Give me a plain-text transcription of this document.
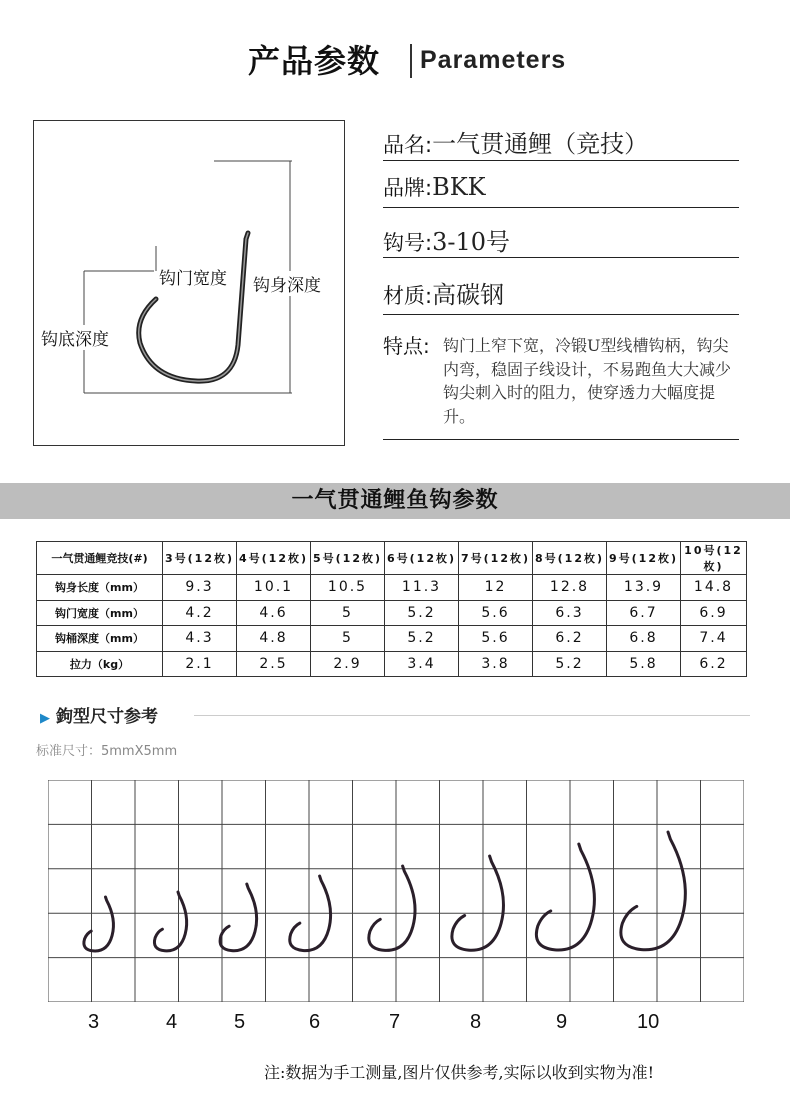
产品参数 Parameters
钩门宽度 钩身深度
钩底深度
品名:一气贯通鲤（竞技）
品牌:BKK
钩号:3-10号
材质:高碳钢
特点: 钩门上窄下宽，冷锻U型线槽钩柄，钩尖内弯，稳固子线设计，不易跑鱼大大减少钩尖刺入时的阻力，使穿透力大幅度提升。
一气贯通鲤鱼钩参数
一气贯通鲤竞技(#)	3号(12枚)	4号(12枚)	5号(12枚)	6号(12枚)	7号(12枚)	8号(12枚)	9号(12枚)	10号(12枚)
钩身长度（mm）	9.3	10.1	10.5	11.3	12	12.8	13.9	14.8
钩门宽度（mm）	4.2	4.6	5	5.2	5.6	6.3	6.7	6.9
钩桶深度（mm）	4.3	4.8	5	5.2	5.6	6.2	6.8	7.4
拉力（kg）	2.1	2.5	2.9	3.4	3.8	5.2	5.8	6.2
▶ 鉤型尺寸参考
标准尺寸：5mmX5mm
3	4	5	6	7	8	9	10
注:数据为手工测量,图片仅供参考,实际以收到实物为准!
